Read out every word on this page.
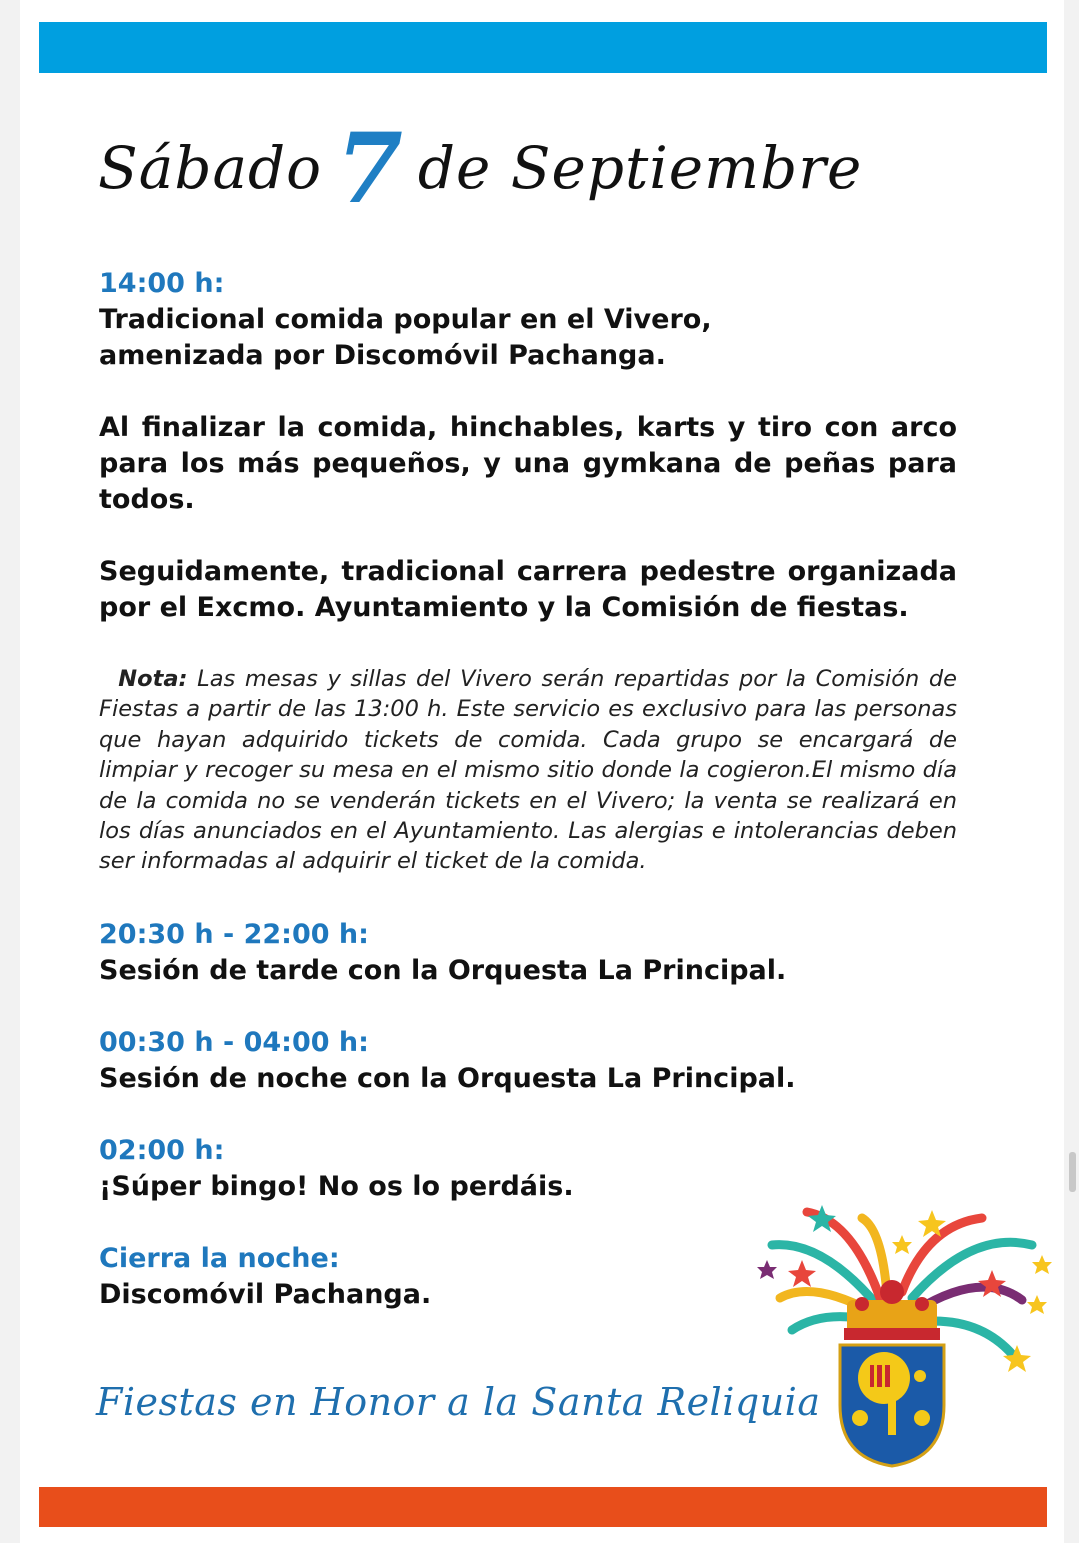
Sábado 7 de Septiembre
14:00 h:
Tradicional comida popular en el Vivero, amenizada por Discomóvil Pachanga.
Al finalizar la comida, hinchables, karts y tiro con arco para los más pequeños, y una gymkana de peñas para todos.
Seguidamente, tradicional carrera pedestre organizada por el Excmo. Ayuntamiento y la Comisión de fiestas.
Nota: Las mesas y sillas del Vivero serán repartidas por la Comisión de Fiestas a partir de las 13:00 h. Este servicio es exclusivo para las personas que hayan adquirido tickets de comida. Cada grupo se encargará de limpiar y recoger su mesa en el mismo sitio donde la cogieron.El mismo día de la comida no se venderán tickets en el Vivero; la venta se realizará en los días anunciados en el Ayuntamiento. Las alergias e intolerancias deben ser informadas al adquirir el ticket de la comida.
20:30 h - 22:00 h:
Sesión de tarde con la Orquesta La Principal.
00:30 h - 04:00 h:
Sesión de noche con la Orquesta La Principal.
02:00 h:
¡Súper bingo! No os lo perdáis.
Cierra la noche:
Discomóvil Pachanga.
Fiestas en Honor a la Santa Reliquia
